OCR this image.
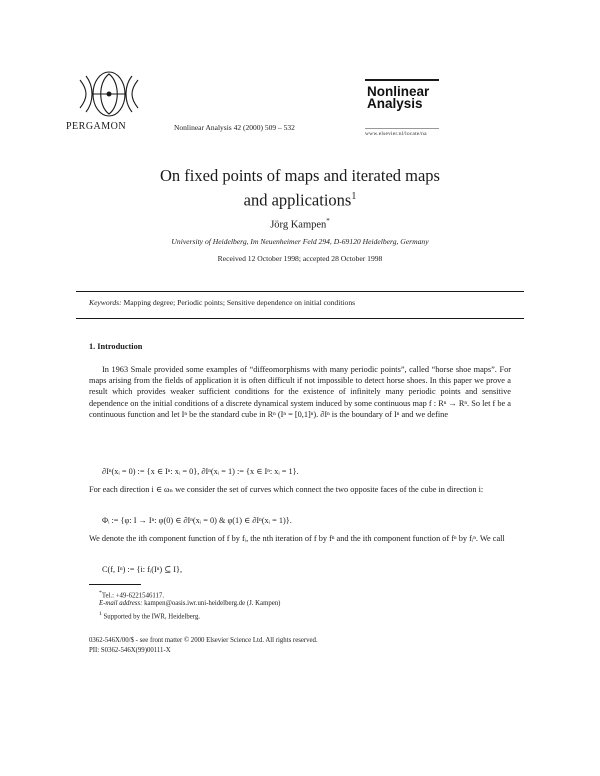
PERGAMON	Nonlinear Analysis 42 (2000) 509 – 532
Nonlinear
Analysis
www.elsevier.nl/locate/na
On fixed points of maps and iterated maps
and applications$^1$
Jörg Kampen*
University of Heidelberg, Im Neuenheimer Feld 294, D-69120 Heidelberg, Germany
Received 12 October 1998; accepted 28 October 1998
Keywords: Mapping degree; Periodic points; Sensitive dependence on initial conditions
1. Introduction
In 1963 Smale provided some examples of “diffeomorphisms with many periodic points”, called “horse shoe maps”. For maps arising from the fields of application it is often difficult if not impossible to detect horse shoes. In this paper we prove a result which provides weaker sufficient conditions for the existence of infinitely many periodic points and sensitive dependence on the initial conditions of a discrete dynamical system induced by some continuous map f : Rⁿ → Rⁿ. So let f be a continuous function and let Iⁿ be the standard cube in Rⁿ (Iⁿ = [0,1]ⁿ). ∂Iⁿ is the boundary of Iⁿ and we define
∂Iⁿ(xᵢ = 0) := {x ∈ Iⁿ: xᵢ = 0}, ∂Iⁿ(xᵢ = 1) := {x ∈ Iⁿ: xᵢ = 1}.
For each direction i ∈ ωₙ we consider the set of curves which connect the two opposite faces of the cube in direction i:
Φᵢ := {φ: I → Iⁿ: φ(0) ∈ ∂Iⁿ(xᵢ = 0) & φ(1) ∈ ∂Iⁿ(xᵢ = 1)}.
We denote the ith component function of f by fᵢ, the nth iteration of f by fⁿ and the ith component function of fⁿ by fᵢⁿ. We call
C(f, Iⁿ) := {i: fᵢ(Iⁿ) ⊆ I},
*Tel.: +49-6221546117.
E-mail address: kampen@oasis.iwr.uni-heidelberg.de (J. Kampen)
$^1$ Supported by the IWR, Heidelberg.
0362-546X/00/$ - see front matter © 2000 Elsevier Science Ltd. All rights reserved.
PII: S0362-546X(99)00111-X
